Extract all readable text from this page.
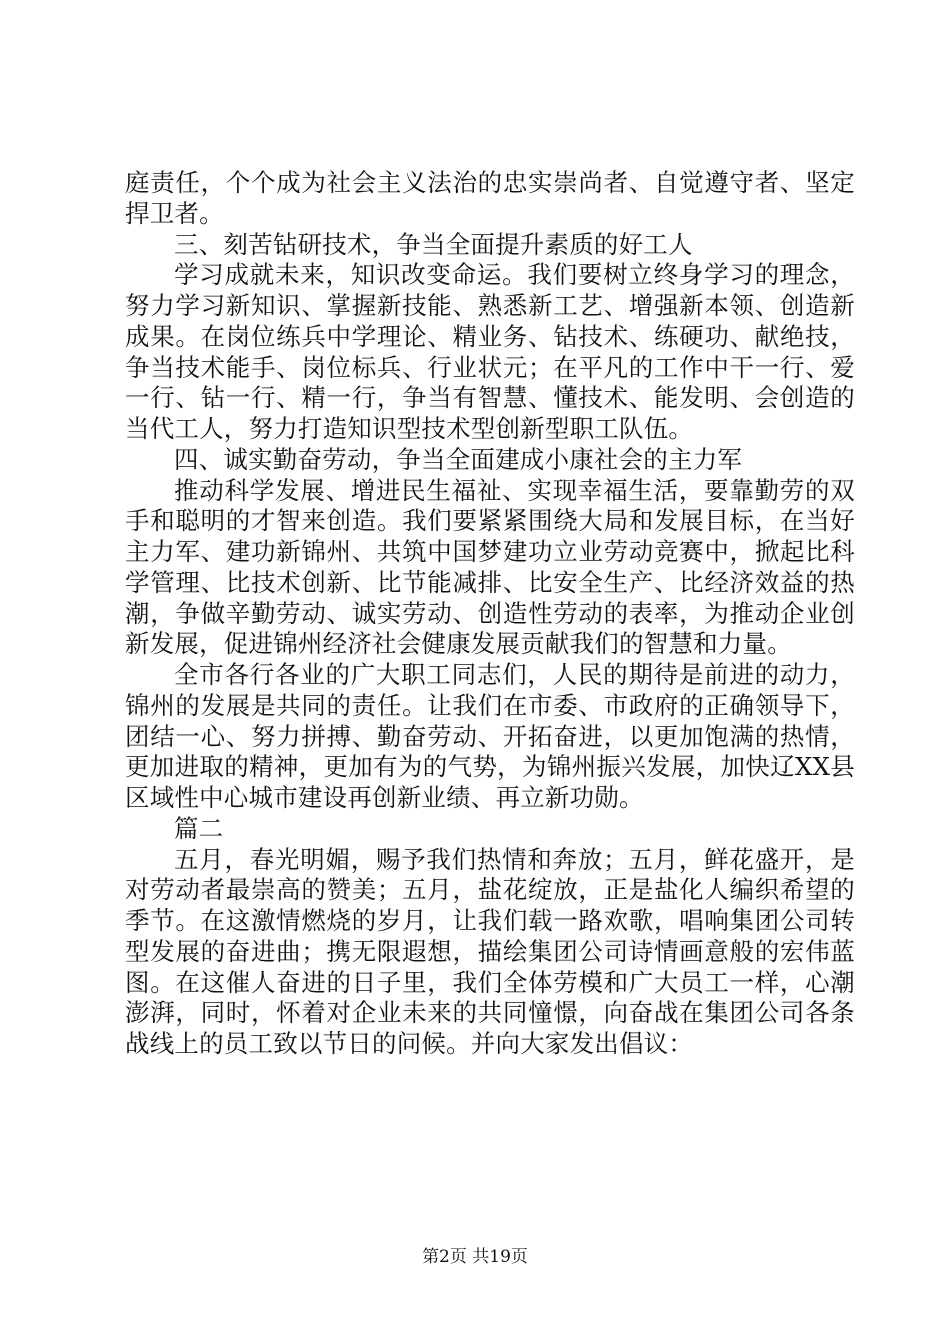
庭责任，个个成为社会主义法治的忠实崇尚者、自觉遵守者、坚定捍卫者。

三、刻苦钻研技术，争当全面提升素质的好工人

学习成就未来，知识改变命运。我们要树立终身学习的理念，努力学习新知识、掌握新技能、熟悉新工艺、增强新本领、创造新成果。在岗位练兵中学理论、精业务、钻技术、练硬功、献绝技，争当技术能手、岗位标兵、行业状元；在平凡的工作中干一行、爱一行、钻一行、精一行，争当有智慧、懂技术、能发明、会创造的当代工人，努力打造知识型技术型创新型职工队伍。

四、诚实勤奋劳动，争当全面建成小康社会的主力军

推动科学发展、增进民生福祉、实现幸福生活，要靠勤劳的双手和聪明的才智来创造。我们要紧紧围绕大局和发展目标，在当好主力军、建功新锦州、共筑中国梦建功立业劳动竞赛中，掀起比科学管理、比技术创新、比节能减排、比安全生产、比经济效益的热潮，争做辛勤劳动、诚实劳动、创造性劳动的表率，为推动企业创新发展，促进锦州经济社会健康发展贡献我们的智慧和力量。

全市各行各业的广大职工同志们，人民的期待是前进的动力，锦州的发展是共同的责任。让我们在市委、市政府的正确领导下，团结一心、努力拼搏、勤奋劳动、开拓奋进，以更加饱满的热情，更加进取的精神，更加有为的气势，为锦州振兴发展，加快辽XX县区域性中心城市建设再创新业绩、再立新功勋。

篇二

五月，春光明媚，赐予我们热情和奔放；五月，鲜花盛开，是对劳动者最崇高的赞美；五月，盐花绽放，正是盐化人编织希望的季节。在这激情燃烧的岁月，让我们载一路欢歌，唱响集团公司转型发展的奋进曲；携无限遐想，描绘集团公司诗情画意般的宏伟蓝图。在这催人奋进的日子里，我们全体劳模和广大员工一样，心潮澎湃，同时，怀着对企业未来的共同憧憬，向奋战在集团公司各条战线上的员工致以节日的问候。并向大家发出倡议：

第2页 共19页
